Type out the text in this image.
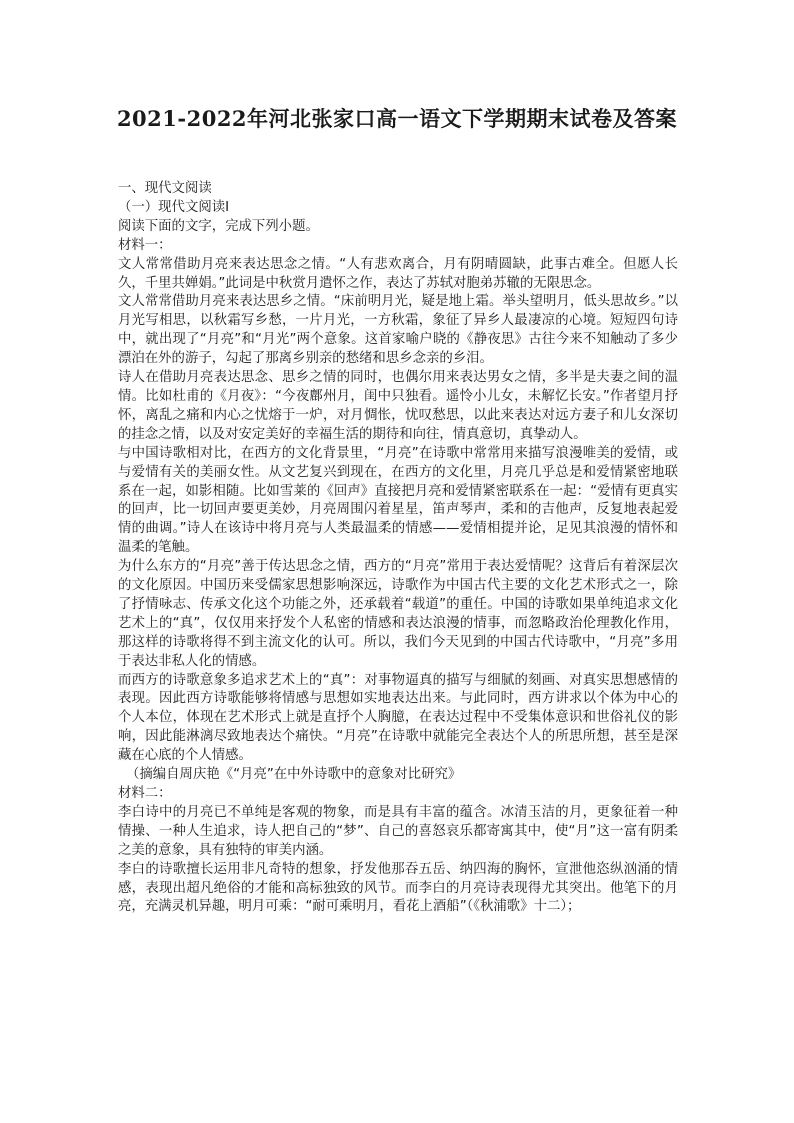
2021-2022年河北张家口高一语文下学期期末试卷及答案

一、现代文阅读

（一）现代文阅读Ⅰ

阅读下面的文字，完成下列小题。

材料一：

文人常常借助月亮来表达思念之情。“人有悲欢离合，月有阴晴圆缺，此事古难全。但愿人长久，千里共婵娟。”此词是中秋赏月遣怀之作，表达了苏轼对胞弟苏辙的无限思念。

文人常常借助月亮来表达思乡之情。“床前明月光，疑是地上霜。举头望明月，低头思故乡。”以月光写相思，以秋霜写乡愁，一片月光，一方秋霜，象征了异乡人最凄凉的心境。短短四句诗中，就出现了“月亮”和“月光”两个意象。这首家喻户晓的《静夜思》古往今来不知触动了多少漂泊在外的游子，勾起了那离乡别亲的愁绪和思乡念亲的乡泪。

诗人在借助月亮表达思念、思乡之情的同时，也偶尔用来表达男女之情，多半是夫妻之间的温情。比如杜甫的《月夜》：“今夜鄜州月，闺中只独看。遥怜小儿女，未解忆长安。”作者望月抒怀，离乱之痛和内心之忧熔于一炉，对月惆怅，忧叹愁思，以此来表达对远方妻子和儿女深切的挂念之情，以及对安定美好的幸福生活的期待和向往，情真意切，真挚动人。

与中国诗歌相对比，在西方的文化背景里，“月亮”在诗歌中常常用来描写浪漫唯美的爱情，或与爱情有关的美丽女性。从文艺复兴到现在，在西方的文化里，月亮几乎总是和爱情紧密地联系在一起，如影相随。比如雪莱的《回声》直接把月亮和爱情紧密联系在一起：“爱情有更真实的回声，比一切回声要更美妙，月亮周围闪着星星，笛声琴声，柔和的吉他声，反复地表起爱情的曲调。”诗人在该诗中将月亮与人类最温柔的情感——爱情相提并论，足见其浪漫的情怀和温柔的笔触。

为什么东方的“月亮”善于传达思念之情，西方的“月亮”常用于表达爱情呢？这背后有着深层次的文化原因。中国历来受儒家思想影响深远，诗歌作为中国古代主要的文化艺术形式之一，除了抒情咏志、传承文化这个功能之外，还承载着“载道”的重任。中国的诗歌如果单纯追求文化艺术上的“真”，仅仅用来抒发个人私密的情感和表达浪漫的情事，而忽略政治伦理教化作用，那这样的诗歌将得不到主流文化的认可。所以，我们今天见到的中国古代诗歌中，“月亮”多用于表达非私人化的情感。

而西方的诗歌意象多追求艺术上的“真”：对事物逼真的描写与细腻的刻画、对真实思想感情的表现。因此西方诗歌能够将情感与思想如实地表达出来。与此同时，西方讲求以个体为中心的个人本位，体现在艺术形式上就是直抒个人胸臆，在表达过程中不受集体意识和世俗礼仪的影响，因此能淋漓尽致地表达个痛快。“月亮”在诗歌中就能完全表达个人的所思所想，甚至是深藏在心底的个人情感。

（摘编自周庆艳《“月亮”在中外诗歌中的意象对比研究》

材料二：

李白诗中的月亮已不单纯是客观的物象，而是具有丰富的蕴含。冰清玉洁的月，更象征着一种情操、一种人生追求，诗人把自己的“梦”、自己的喜怒哀乐都寄寓其中，使“月”这一富有阴柔之美的意象，具有独特的审美内涵。

李白的诗歌擅长运用非凡奇特的想象，抒发他那吞五岳、纳四海的胸怀，宣泄他恣纵汹涌的情感，表现出超凡绝俗的才能和高标独致的风节。而李白的月亮诗表现得尤其突出。他笔下的月亮，充满灵机异趣，明月可乘：“耐可乘明月，看花上酒船”（《秋浦歌》十二）；
